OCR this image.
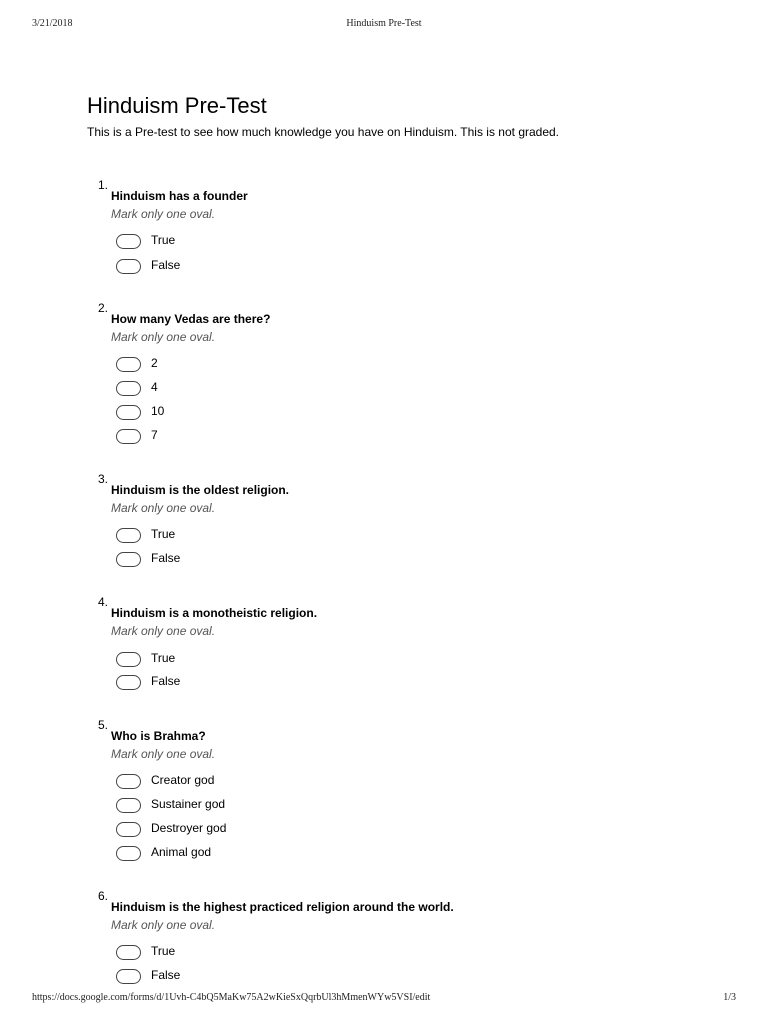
3/21/2018	Hinduism Pre-Test
Hinduism Pre-Test

This is a Pre-test to see how much knowledge you have on Hinduism. This is not graded.

1.
Hinduism has a founder
Mark only one oval.
True
False
2.
How many Vedas are there?
Mark only one oval.
2
4
10
7
3.
Hinduism is the oldest religion.
Mark only one oval.
True
False
4.
Hinduism is a monotheistic religion.
Mark only one oval.
True
False
5.
Who is Brahma?
Mark only one oval.
Creator god
Sustainer god
Destroyer god
Animal god
6.
Hinduism is the highest practiced religion around the world.
Mark only one oval.
True
False
https://docs.google.com/forms/d/1Uvh-C4bQ5MaKw75A2wKieSxQqrbUl3hMmenWYw5VSI/edit	1/3
